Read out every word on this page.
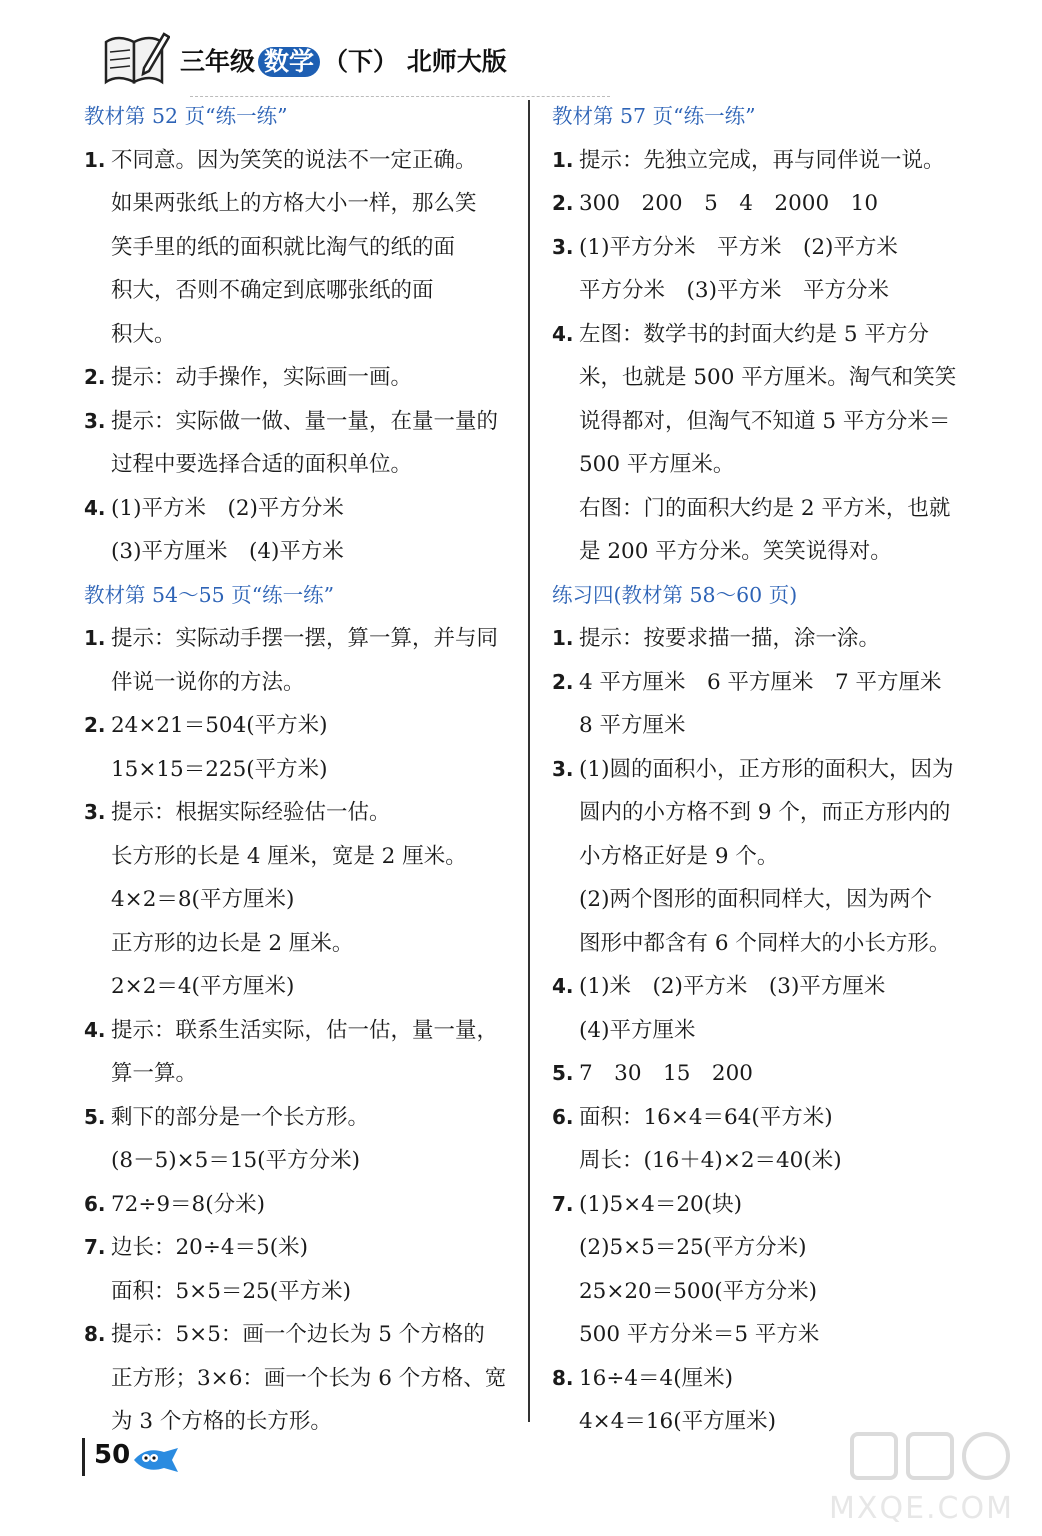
三年级 数学 （下） 北师大版
教材第 52 页“练一练”
1. 不同意。因为笑笑的说法不一定正确。
如果两张纸上的方格大小一样，那么笑
笑手里的纸的面积就比淘气的纸的面
积大，否则不确定到底哪张纸的面
积大。
2. 提示：动手操作，实际画一画。
3. 提示：实际做一做、量一量，在量一量的
过程中要选择合适的面积单位。
4. (1)平方米　(2)平方分米
(3)平方厘米　(4)平方米
教材第 54～55 页“练一练”
1. 提示：实际动手摆一摆，算一算，并与同
伴说一说你的方法。
2. 24×21＝504(平方米)
15×15＝225(平方米)
3. 提示：根据实际经验估一估。
长方形的长是 4 厘米，宽是 2 厘米。
4×2＝8(平方厘米)
正方形的边长是 2 厘米。
2×2＝4(平方厘米)
4. 提示：联系生活实际，估一估，量一量，
算一算。
5. 剩下的部分是一个长方形。
(8－5)×5＝15(平方分米)
6. 72÷9＝8(分米)
7. 边长：20÷4＝5(米)
面积：5×5＝25(平方米)
8. 提示：5×5：画一个边长为 5 个方格的
正方形；3×6：画一个长为 6 个方格、宽
为 3 个方格的长方形。
教材第 57 页“练一练”
1. 提示：先独立完成，再与同伴说一说。
2. 300　200　5　4　2000　10
3. (1)平方分米　平方米　(2)平方米
平方分米　(3)平方米　平方分米
4. 左图：数学书的封面大约是 5 平方分
米，也就是 500 平方厘米。淘气和笑笑
说得都对，但淘气不知道 5 平方分米＝
500 平方厘米。
右图：门的面积大约是 2 平方米，也就
是 200 平方分米。笑笑说得对。
练习四(教材第 58～60 页)
1. 提示：按要求描一描，涂一涂。
2. 4 平方厘米　6 平方厘米　7 平方厘米
8 平方厘米
3. (1)圆的面积小，正方形的面积大，因为
圆内的小方格不到 9 个，而正方形内的
小方格正好是 9 个。
(2)两个图形的面积同样大，因为两个
图形中都含有 6 个同样大的小长方形。
4. (1)米　(2)平方米　(3)平方厘米
(4)平方厘米
5. 7　30　15　200
6. 面积：16×4＝64(平方米)
周长：(16＋4)×2＝40(米)
7. (1)5×4＝20(块)
(2)5×5＝25(平方分米)
25×20＝500(平方分米)
500 平方分米＝5 平方米
8. 16÷4＝4(厘米)
4×4＝16(平方厘米)
50
MXQE.COM
